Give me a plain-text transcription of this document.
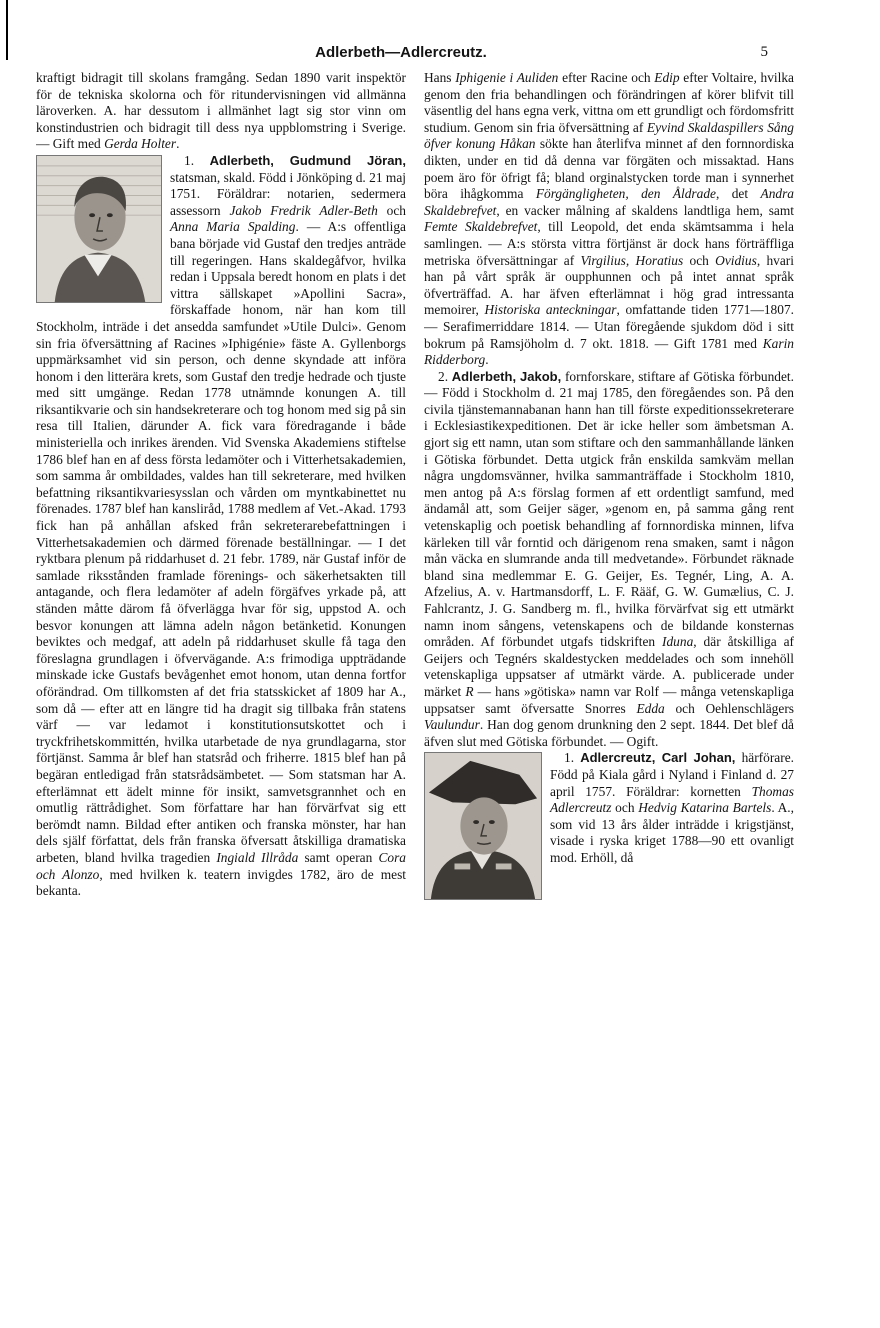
Adlerbeth—Adlercreutz.	5

kraftigt bidragit till skolans framgång. Sedan 1890 varit inspektör för de tekniska skolorna och för ritundervisningen vid allmänna läroverken. A. har dessutom i allmänhet lagt sig stor vinn om konstindustrien och bidragit till dess nya uppblomstring i Sverige. — Gift med Gerda Holter.

1. Adlerbeth, Gudmund Jöran,
statsman, skald. Född i Jönköping d. 21 maj 1751. Föräldrar: notarien, sedermera assessorn Jakob Fredrik Adler-Beth och Anna Maria Spalding. — A:s offentliga bana började vid Gustaf den tredjes anträde till regeringen. Hans skaldegåfvor, hvilka redan i Uppsala beredt honom en plats i det vittra sällskapet »Apollini Sacra», förskaffade honom, när han kom till Stockholm, inträde i det ansedda samfundet »Utile Dulci». Genom sin fria öfversättning af Racines »Iphigénie» fäste A. Gyllenborgs uppmärksamhet vid sin person, och denne skyndade att införa honom i den litterära krets, som Gustaf den tredje hedrade och tjuste med sitt umgänge. Redan 1778 utnämnde konungen A. till riksantikvarie och sin handsekreterare och tog honom med sig på sin resa till Italien, därunder A. fick vara föredragande i både ministeriella och inrikes ärenden. Vid Svenska Akademiens stiftelse 1786 blef han en af dess första ledamöter och i Vitterhetsakademien, som samma år ombildades, valdes han till sekreterare, med hvilken befattning riksantikvariesysslan och vården om myntkabinettet nu förenades. 1787 blef han kansliråd, 1788 medlem af Vet.-Akad. 1793 fick han på anhållan afsked från sekreterarebefattningen i Vitterhetsakademien och därmed förenade beställningar. — I det ryktbara plenum på riddarhuset d. 21 febr. 1789, när Gustaf inför de samlade riksstånden framlade förenings- och säkerhetsakten till antagande, och flera ledamöter af adeln förgäfves yrkade på, att ständen måtte därom få öfverlägga hvar för sig, uppstod A. och besvor konungen att lämna adeln någon betänketid. Konungen beviktes och medgaf, att adeln på riddarhuset skulle få taga den föreslagna grundlagen i öfvervägande. A:s frimodiga uppträdande minskade icke Gustafs bevågenhet emot honom, utan denna fortfor oförändrad. Om tillkomsten af det fria statsskicket af 1809 har A., som då — efter att en längre tid ha dragit sig tillbaka från statens värf — var ledamot i konstitutionsutskottet och i tryckfrihetskommittén, hvilka utarbetade de nya grundlagarna, stor förtjänst. Samma år blef han statsråd och friherre. 1815 blef han på begäran entledigad från statsrådsämbetet. — Som statsman har A. efterlämnat ett ädelt minne för insikt, samvetsgrannhet och en omutlig rättrådighet. Som författare har han förvärfvat sig ett berömdt namn. Bildad efter antiken och franska mönster, har han dels själf författat, dels från franska öfversatt åtskilliga dramatiska arbeten, bland hvilka tragedien Ingiald Illråda samt operan Cora och Alonzo, med hvilken k. teatern invigdes 1782, äro de mest bekanta.

Hans Iphigenie i Auliden efter Racine och Edip efter Voltaire, hvilka genom den fria behandlingen och förändringen af körer blifvit till väsentlig del hans egna verk, vittna om ett grundligt och fördomsfritt studium. Genom sin fria öfversättning af Eyvind Skaldaspillers Sång öfver konung Håkan sökte han återlifva minnet af den fornnordiska dikten, under en tid då denna var förgäten och missaktad. Hans poem äro för öfrigt få; bland orginalstycken torde man i synnerhet böra ihågkomma Förgängligheten, den Åldrade, det Andra Skaldebrefvet, en vacker målning af skaldens landtliga hem, samt Femte Skaldebrefvet, till Leopold, det enda skämtsamma i hela samlingen. — A:s största vittra förtjänst är dock hans förträffliga metriska öfversättningar af Virgilius, Horatius och Ovidius, hvari han på vårt språk är oupphunnen och på intet annat språk öfverträffad. A. har äfven efterlämnat i hög grad intressanta memoirer, Historiska anteckningar, omfattande tiden 1771—1807. — Serafimerriddare 1814. — Utan föregående sjukdom död i sitt bokrum på Ramsjöholm d. 7 okt. 1818. — Gift 1781 med Karin Ridderborg.

2. Adlerbeth, Jakob, fornforskare, stiftare af Götiska förbundet. — Född i Stockholm d. 21 maj 1785, den föregåendes son. På den civila tjänstemannabanan hann han till förste expeditionssekreterare i Ecklesiastikexpeditionen. Det är icke heller som ämbetsman A. gjort sig ett namn, utan som stiftare och den sammanhållande länken i Götiska förbundet. Detta utgick från enskilda samkväm mellan några ungdomsvänner, hvilka sammanträffade i Stockholm 1810, men antog på A:s förslag formen af ett ordentligt samfund, med ändamål att, som Geijer säger, »genom en, på samma gång rent vetenskaplig och poetisk behandling af fornnordiska minnen, lifva kärleken till vår forntid och därigenom rena smaken, samt i någon mån väcka en slumrande anda till medvetande». Förbundet räknade bland sina medlemmar E. G. Geijer, Es. Tegnér, Ling, A. A. Afzelius, A. v. Hartmansdorff, L. F. Rääf, G. W. Gumælius, C. J. Fahlcrantz, J. G. Sandberg m. fl., hvilka förvärfvat sig ett utmärkt namn inom sångens, vetenskapens och de bildande konsternas områden. Af förbundet utgafs tidskriften Iduna, där åtskilliga af Geijers och Tegnérs skaldestycken meddelades och som innehöll vetenskapliga uppsatser af utmärkt värde. A. publicerade under märket R — hans »götiska» namn var Rolf — många vetenskapliga uppsatser samt öfversatte Snorres Edda och Oehlenschlägers Vaulundur. Han dog genom drunkning den 2 sept. 1844. Det blef då äfven slut med Götiska förbundet. — Ogift.

1. Adlercreutz, Carl Johan,
härförare. Född på Kiala gård i Nyland i Finland d. 27 april 1757. Föräldrar: kornetten Thomas Adlercreutz och Hedvig Katarina Bartels. A., som vid 13 års ålder inträdde i krigstjänst, visade i ryska kriget 1788—90 ett ovanligt mod. Erhöll, då
